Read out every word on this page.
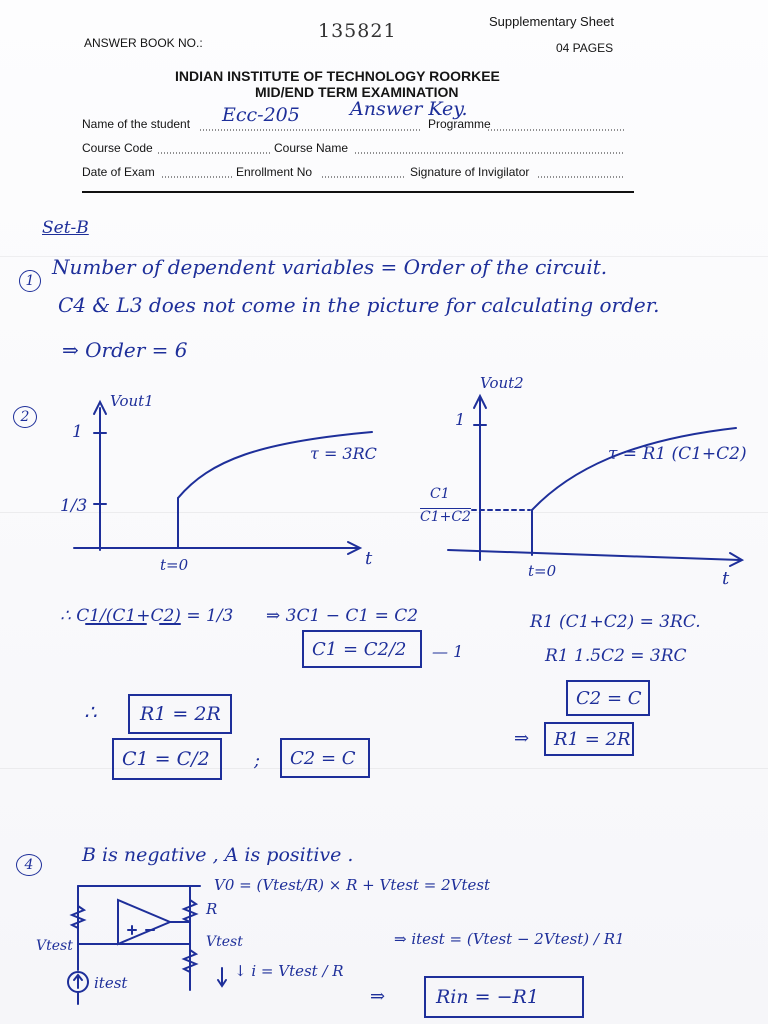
Supplementary Sheet
04 PAGES
ANSWER BOOK NO.:
135821
INDIAN INSTITUTE OF TECHNOLOGY ROORKEE
MID/END TERM EXAMINATION
Name of the student	Programme
Course Code	Course Name
Date of Exam	Enrollment No	Signature of Invigilator
Ecc-205	Answer Key.
Set-B
1
Number of dependent variables = Order of the circuit.
C4 & L3 does not come in the picture for calculating order.
⇒ Order = 6
2
Vout1
1
1/3
τ = 3RC
t=0	t
Vout2
1
C1
C1+C2
τ = R1 (C1+C2)
t=0	t
∴ C1/(C1+C2) = 1/3 ⇒ 3C1 − C1 = C2
C1 = C2/2 — 1
R1 (C1+C2) = 3RC.
R1 1.5C2 = 3RC
C2 = C
⇒ R1 = 2R
∴ R1 = 2R
C1 = C/2 ; C2 = C
4	B is negative , A is positive .
V0 = (Vtest/R) × R + Vtest = 2Vtest
R
Vtest
Vtest
itest
↓ i = Vtest / R
⇒ itest = (Vtest − 2Vtest) / R1
⇒	Rin = −R1
